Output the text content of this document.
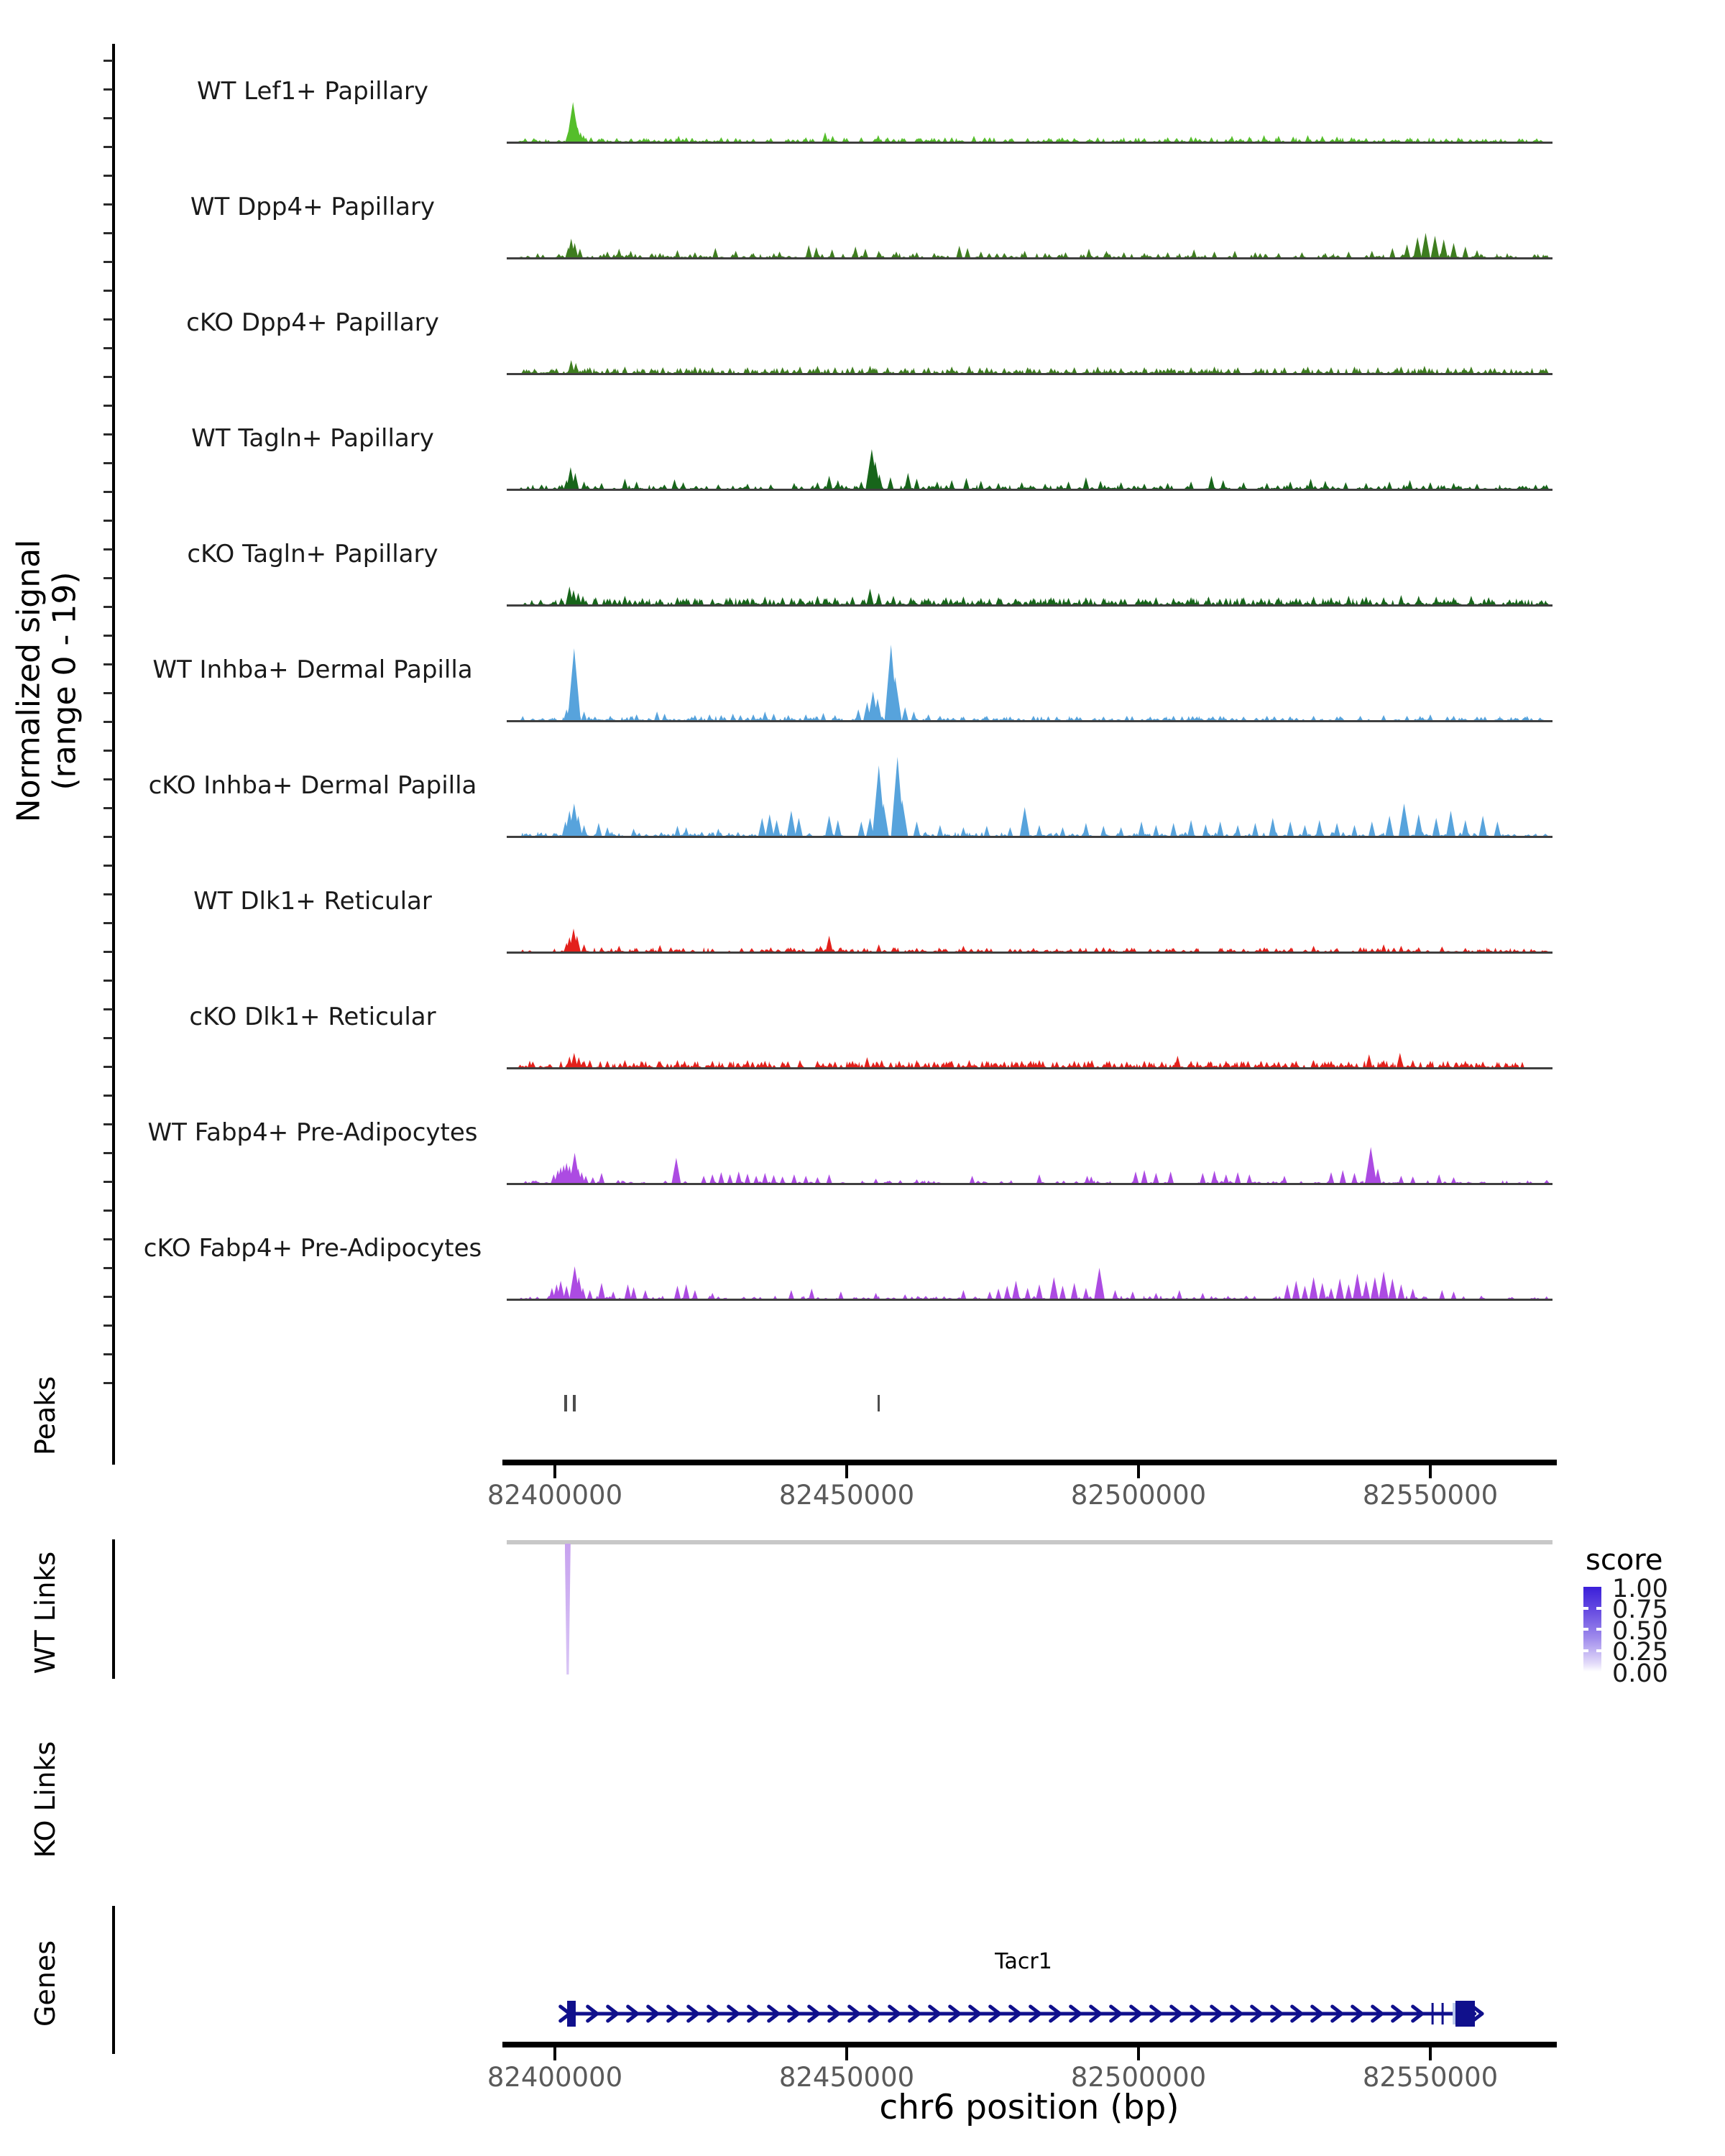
Normalized signal (range 0 - 19)
WT Lef1+ Papillary
WT Dpp4+ Papillary
cKO Dpp4+ Papillary
WT Tagln+ Papillary
cKO Tagln+ Papillary
WT Inhba+ Dermal Papilla
cKO Inhba+ Dermal Papilla
WT Dlk1+ Reticular
cKO Dlk1+ Reticular
WT Fabp4+ Pre-Adipocytes
cKO Fabp4+ Pre-Adipocytes
Peaks
82400000	82450000	82500000	82550000
WT Links	score
1.00
0.75
0.50
0.25
0.00
KO Links
Genes	Tacr1
82400000	82450000	82500000	82550000
chr6 position (bp)
